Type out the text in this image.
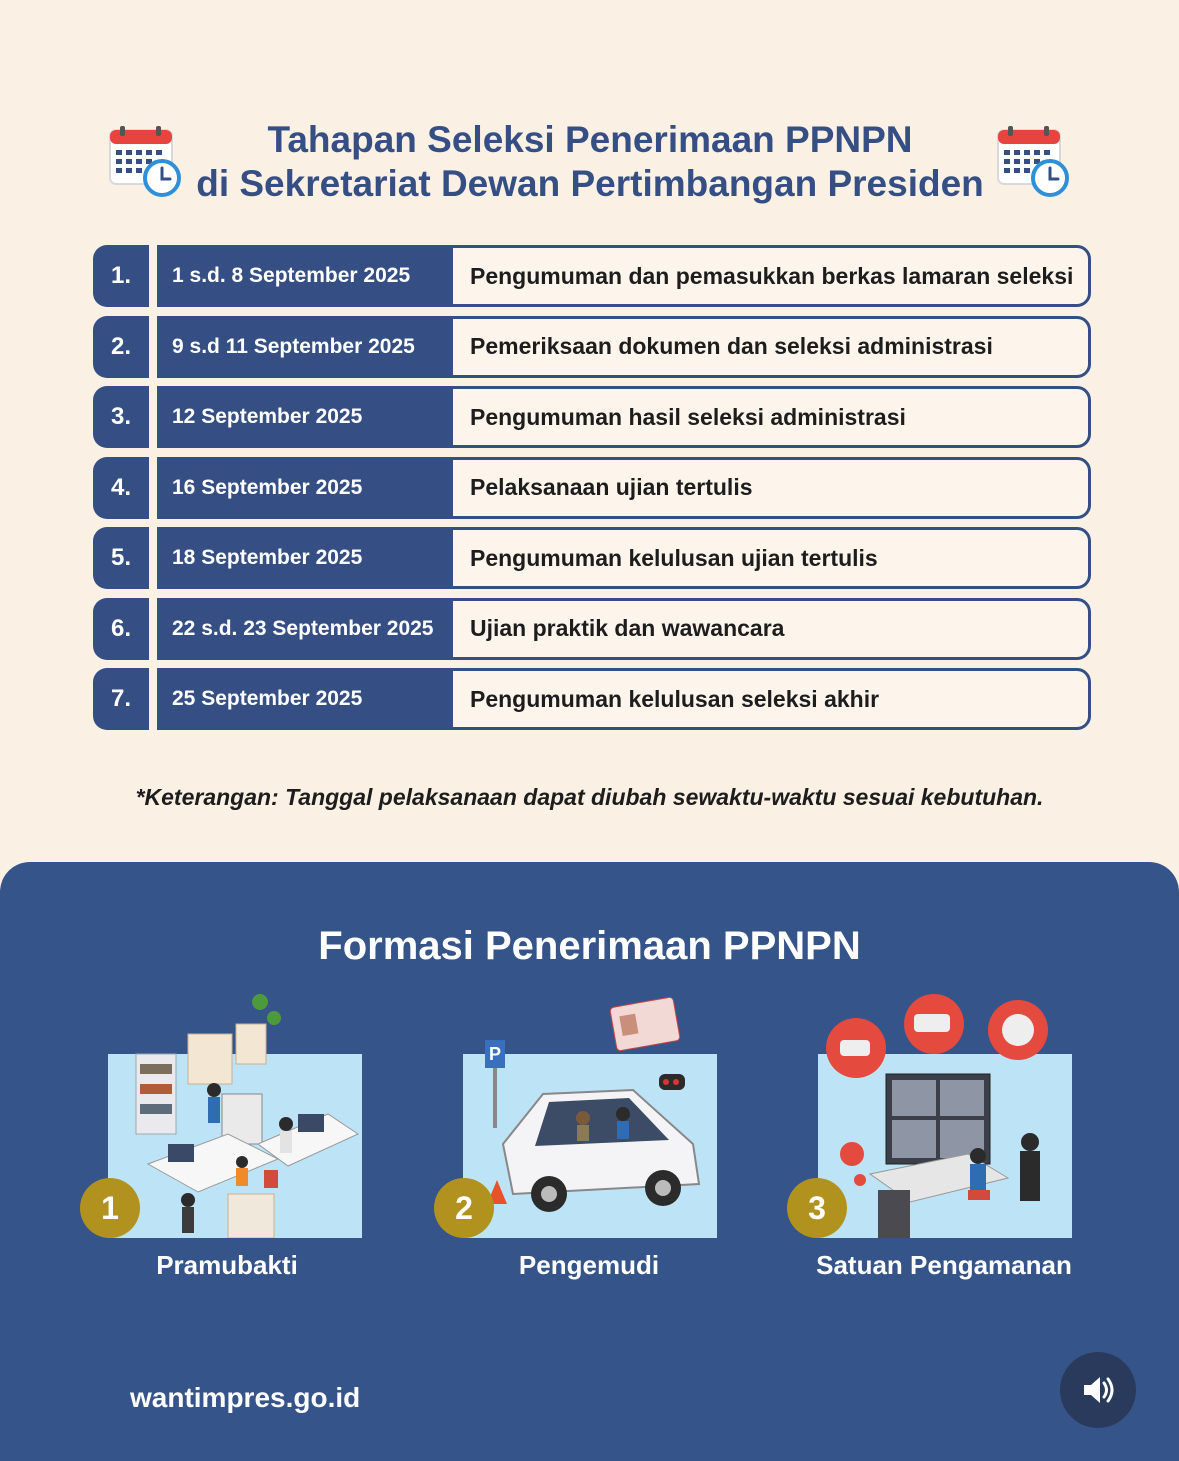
Tahapan Seleksi Penerimaan PPNPN
di Sekretariat Dewan Pertimbangan Presiden
1.	1 s.d. 8 September 2025	Pengumuman dan pemasukkan berkas lamaran seleksi
2.	9 s.d 11 September 2025	Pemeriksaan dokumen dan seleksi administrasi
3.	12 September 2025	Pengumuman hasil seleksi administrasi
4.	16 September 2025	Pelaksanaan ujian tertulis
5.	18 September 2025	Pengumuman kelulusan ujian tertulis
6.	22 s.d. 23 September 2025	Ujian praktik dan wawancara
7.	25 September 2025	Pengumuman kelulusan seleksi akhir
*Keterangan: Tanggal pelaksanaan dapat diubah sewaktu-waktu sesuai kebutuhan.
Formasi Penerimaan PPNPN
1
Pramubakti
P
2
Pengemudi
3
Satuan Pengamanan
wantimpres.go.id
